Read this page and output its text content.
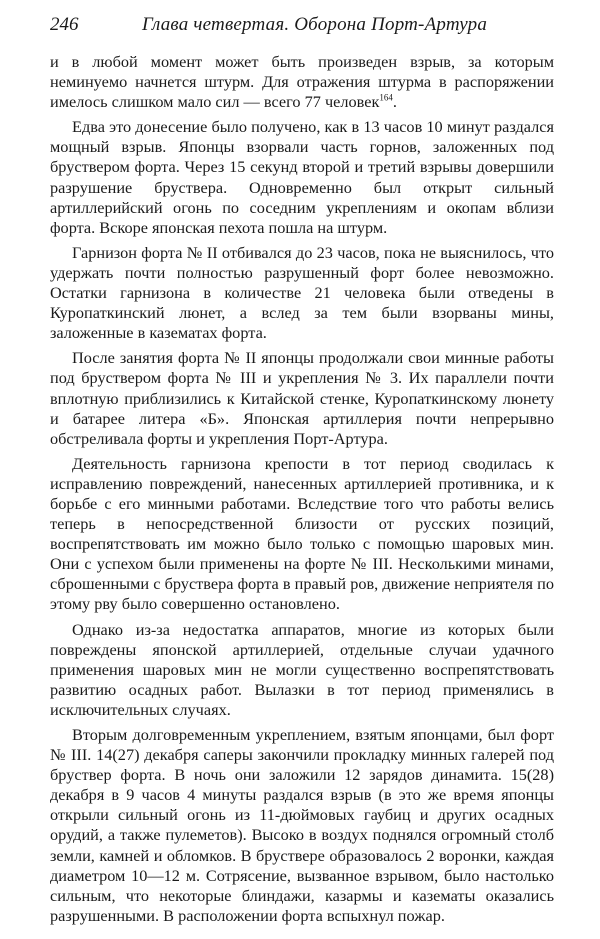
246	Глава четвертая. Оборона Порт-Артура

и в любой момент может быть произведен взрыв, за которым неминуемо начнется штурм. Для отражения штурма в распоряжении имелось слишком мало сил — всего 77 человек$^{164}$.

Едва это донесение было получено, как в 13 часов 10 минут раздался мощный взрыв. Японцы взорвали часть горнов, заложенных под бруствером форта. Через 15 секунд второй и третий взрывы довершили разрушение бруствера. Одновременно был открыт сильный артиллерийский огонь по соседним укреплениям и окопам вблизи форта. Вскоре японская пехота пошла на штурм.

Гарнизон форта № II отбивался до 23 часов, пока не выяснилось, что удержать почти полностью разрушенный форт более невозможно. Остатки гарнизона в количестве 21 человека были отведены в Куропаткинский люнет, а вслед за тем были взорваны мины, заложенные в казематах форта.

После занятия форта № II японцы продолжали свои минные работы под бруствером форта № III и укрепления № 3. Их параллели почти вплотную приблизились к Китайской стенке, Куропаткинскому люнету и батарее литера «Б». Японская артиллерия почти непрерывно обстреливала форты и укрепления Порт-Артура.

Деятельность гарнизона крепости в тот период сводилась к исправлению повреждений, нанесенных артиллерией противника, и к борьбе с его минными работами. Вследствие того что работы велись теперь в непосредственной близости от русских позиций, воспрепятствовать им можно было только с помощью шаровых мин. Они с успехом были применены на форте № III. Несколькими минами, сброшенными с бруствера форта в правый ров, движение неприятеля по этому рву было совершенно остановлено.

Однако из-за недостатка аппаратов, многие из которых были повреждены японской артиллерией, отдельные случаи удачного применения шаровых мин не могли существенно воспрепятствовать развитию осадных работ. Вылазки в тот период применялись в исключительных случаях.

Вторым долговременным укреплением, взятым японцами, был форт № III. 14(27) декабря саперы закончили прокладку минных галерей под бруствер форта. В ночь они заложили 12 зарядов динамита. 15(28) декабря в 9 часов 4 минуты раздался взрыв (в это же время японцы открыли сильный огонь из 11-дюймовых гаубиц и других осадных орудий, а также пулеметов). Высоко в воздух поднялся огромный столб земли, камней и обломков. В бруствере образовалось 2 воронки, каждая диаметром 10—12 м. Сотрясение, вызванное взрывом, было настолько сильным, что некоторые блиндажи, казармы и казематы оказались разрушенными. В расположении форта вспыхнул пожар.
